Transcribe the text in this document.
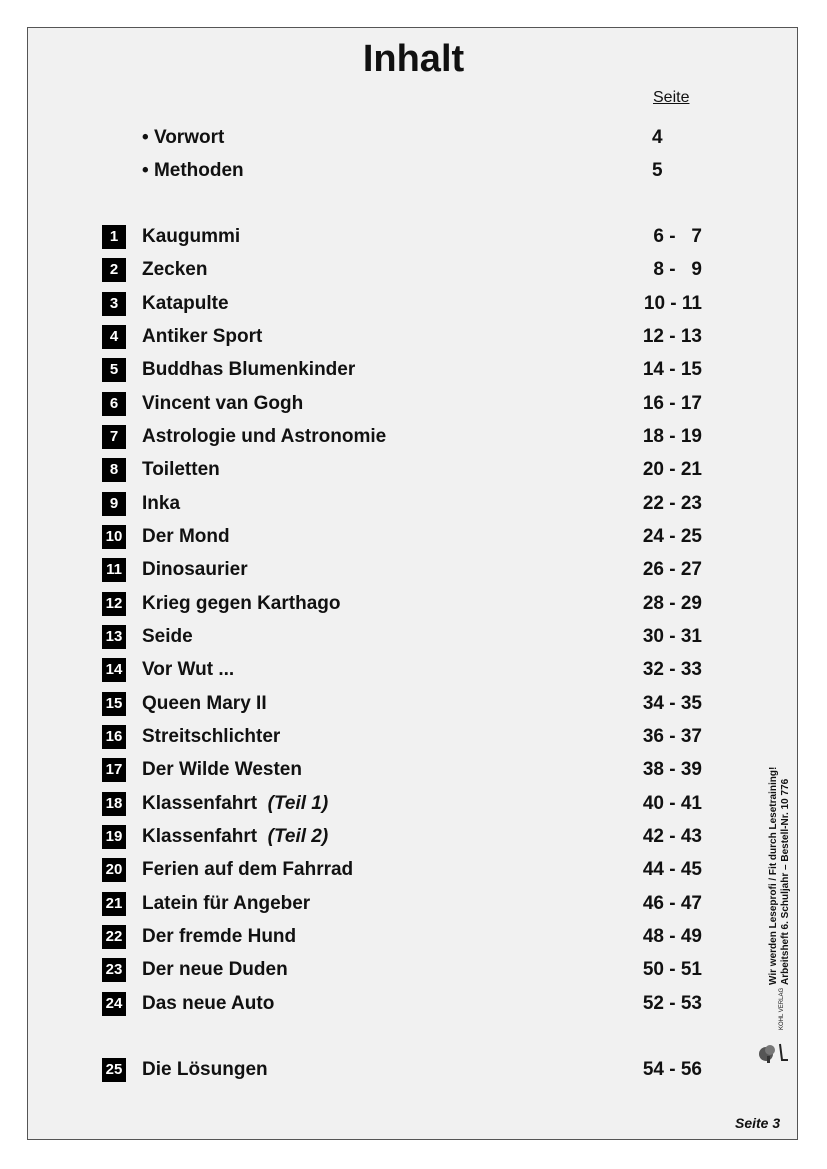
Inhalt
Seite
• Vorwort	4
• Methoden	5
1	Kaugummi	6 -   7
2	Zecken	8 -   9
3	Katapulte	10 - 11
4	Antiker Sport	12 - 13
5	Buddhas Blumenkinder	14 - 15
6	Vincent van Gogh	16 - 17
7	Astrologie und Astronomie	18 - 19
8	Toiletten	20 - 21
9	Inka	22 - 23
10 Der Mond	24 - 25
11 Dinosaurier	26 - 27
12 Krieg gegen Karthago	28 - 29
13 Seide	30 - 31
14 Vor Wut ...	32 - 33
15 Queen Mary II	34 - 35
16 Streitschlichter	36 - 37
17 Der Wilde Westen	38 - 39
18 Klassenfahrt (Teil 1)	40 - 41
19 Klassenfahrt (Teil 2)	42 - 43
20 Ferien auf dem Fahrrad	44 - 45
21 Latein für Angeber	46 - 47
22 Der fremde Hund	48 - 49
23 Der neue Duden	50 - 51
24 Das neue Auto	52 - 53
25 Die Lösungen	54 - 56
Wir werden Leseprofi / Fit durch Lesetraining! Arbeitsheft 6. Schuljahr – Bestell-Nr. 10 776
KOHL VERLAG
Seite 3
